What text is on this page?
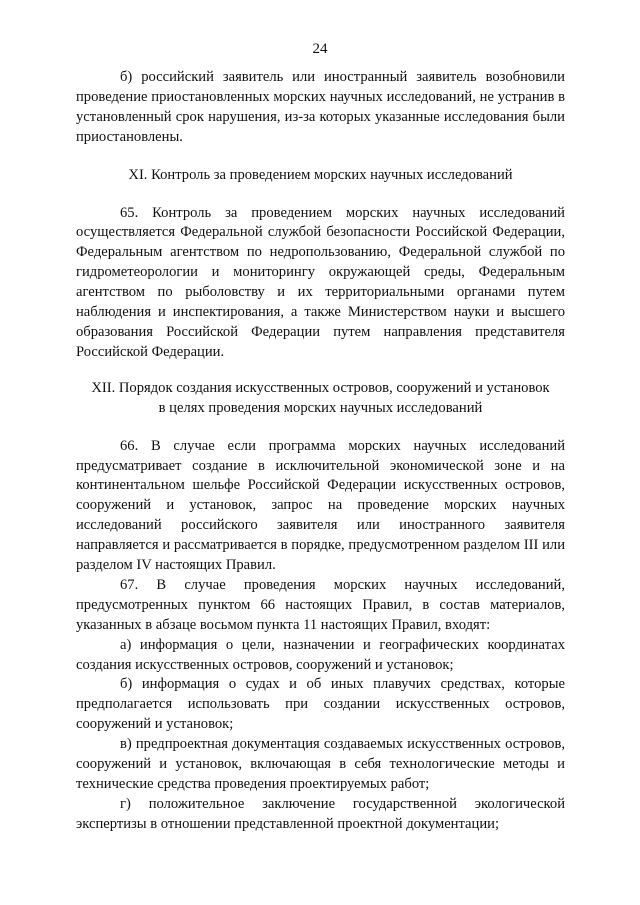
24

б) российский заявитель или иностранный заявитель возобновили проведение приостановленных морских научных исследований, не устранив в установленный срок нарушения, из-за которых указанные исследования были приостановлены.

XI. Контроль за проведением морских научных исследований

65. Контроль за проведением морских научных исследований осуществляется Федеральной службой безопасности Российской Федерации, Федеральным агентством по недропользованию, Федеральной службой по гидрометеорологии и мониторингу окружающей среды, Федеральным агентством по рыболовству и их территориальными органами путем наблюдения и инспектирования, а также Министерством науки и высшего образования Российской Федерации путем направления представителя Российской Федерации.

XII. Порядок создания искусственных островов, сооружений и установок

в целях проведения морских научных исследований

66. В случае если программа морских научных исследований предусматривает создание в исключительной экономической зоне и на континентальном шельфе Российской Федерации искусственных островов, сооружений и установок, запрос на проведение морских научных исследований российского заявителя или иностранного заявителя направляется и рассматривается в порядке, предусмотренном разделом III или разделом IV настоящих Правил.

67. В случае проведения морских научных исследований, предусмотренных пунктом 66 настоящих Правил, в состав материалов, указанных в абзаце восьмом пункта 11 настоящих Правил, входят:

а) информация о цели, назначении и географических координатах создания искусственных островов, сооружений и установок;

б) информация о судах и об иных плавучих средствах, которые предполагается использовать при создании искусственных островов, сооружений и установок;

в) предпроектная документация создаваемых искусственных островов, сооружений и установок, включающая в себя технологические методы и технические средства проведения проектируемых работ;

г) положительное заключение государственной экологической экспертизы в отношении представленной проектной документации;
